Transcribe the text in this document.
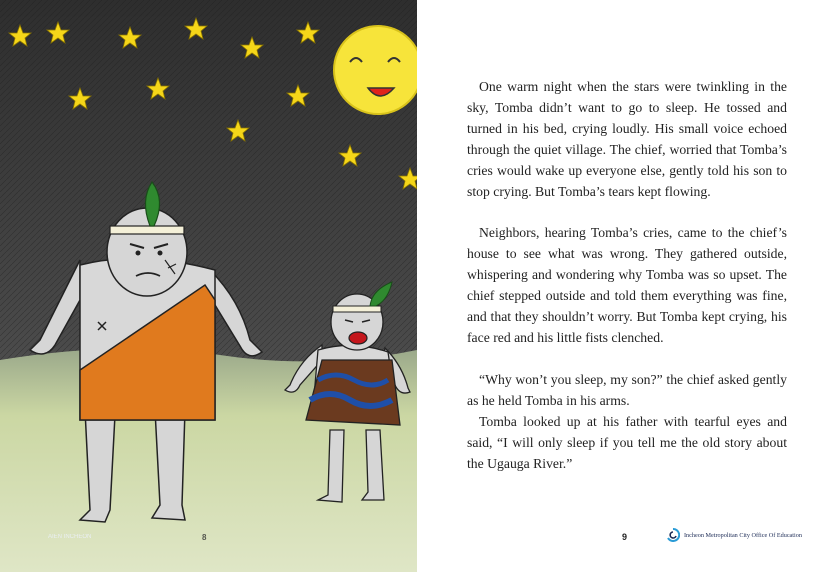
AIEN INCHEON	8

One warm night when the stars were twinkling in the sky, Tomba didn’t want to go to sleep. He tossed and turned in his bed, crying loudly. His small voice echoed through the quiet village. The chief, worried that Tomba’s cries would wake up everyone else, gently told his son to stop crying. But Tomba’s tears kept flowing.

Neighbors, hearing Tomba’s cries, came to the chief’s house to see what was wrong. They gathered outside, whispering and wondering why Tomba was so upset. The chief stepped outside and told them everything was fine, and that they shouldn’t worry. But Tomba kept crying, his face red and his little fists clenched.

“Why won’t you sleep, my son?” the chief asked gently as he held Tomba in his arms.

Tomba looked up at his father with tearful eyes and said, “I will only sleep if you tell me the old story about the Ugauga River.”

9	Incheon Metropolitan City Office Of Education
